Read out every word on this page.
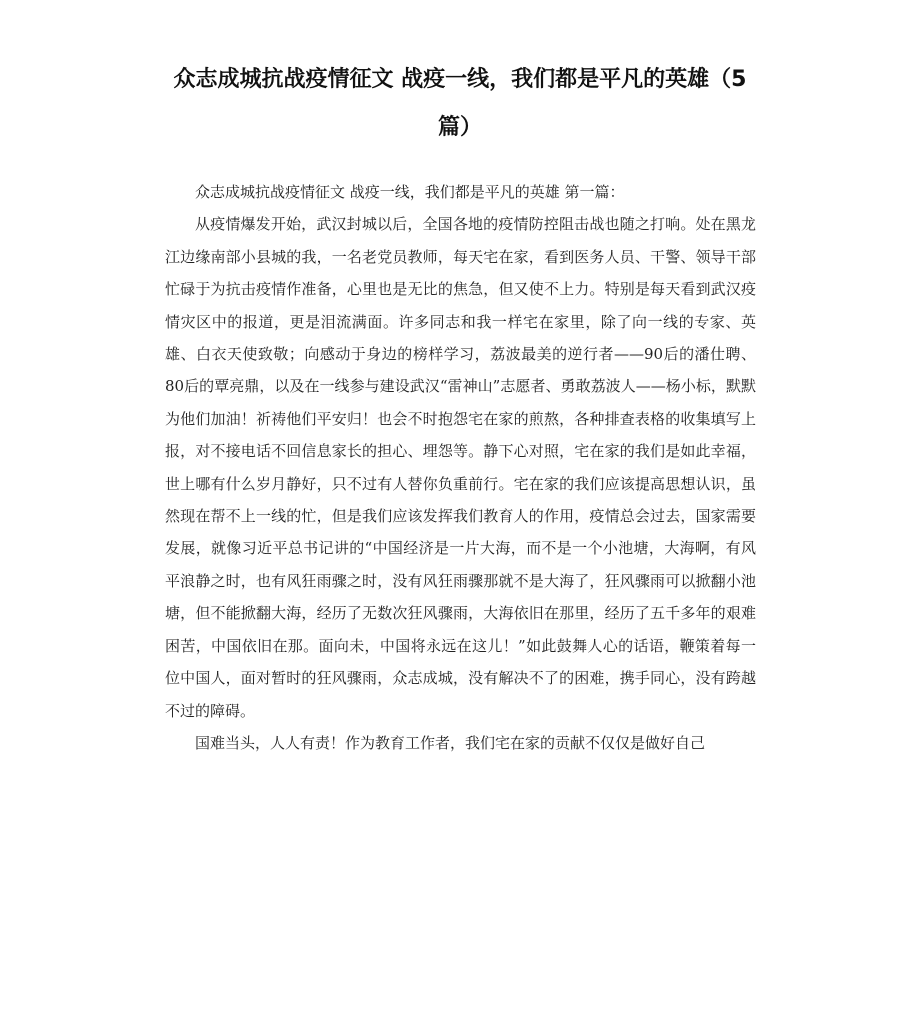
众志成城抗战疫情征文 战疫一线，我们都是平凡的英雄（5篇）

众志成城抗战疫情征文 战疫一线，我们都是平凡的英雄 第一篇：

从疫情爆发开始，武汉封城以后，全国各地的疫情防控阻击战也随之打响。处在黑龙江边缘南部小县城的我，一名老党员教师，每天宅在家，看到医务人员、干警、领导干部忙碌于为抗击疫情作准备，心里也是无比的焦急，但又使不上力。特别是每天看到武汉疫情灾区中的报道，更是泪流满面。许多同志和我一样宅在家里，除了向一线的专家、英雄、白衣天使致敬；向感动于身边的榜样学习，荔波最美的逆行者——90后的潘仕聘、80后的覃亮鼎，以及在一线参与建设武汉“雷神山”志愿者、勇敢荔波人——杨小标，默默为他们加油！祈祷他们平安归！也会不时抱怨宅在家的煎熬，各种排查表格的收集填写上报，对不接电话不回信息家长的担心、埋怨等。静下心对照，宅在家的我们是如此幸福，世上哪有什么岁月静好，只不过有人替你负重前行。宅在家的我们应该提高思想认识，虽然现在帮不上一线的忙，但是我们应该发挥我们教育人的作用，疫情总会过去，国家需要发展，就像习近平总书记讲的“中国经济是一片大海，而不是一个小池塘，大海啊，有风平浪静之时，也有风狂雨骤之时，没有风狂雨骤那就不是大海了，狂风骤雨可以掀翻小池塘，但不能掀翻大海，经历了无数次狂风骤雨，大海依旧在那里，经历了五千多年的艰难困苦，中国依旧在那。面向未，中国将永远在这儿！”如此鼓舞人心的话语，鞭策着每一位中国人，面对暂时的狂风骤雨，众志成城，没有解决不了的困难，携手同心，没有跨越不过的障碍。

国难当头，人人有责！作为教育工作者，我们宅在家的贡献不仅仅是做好自己
